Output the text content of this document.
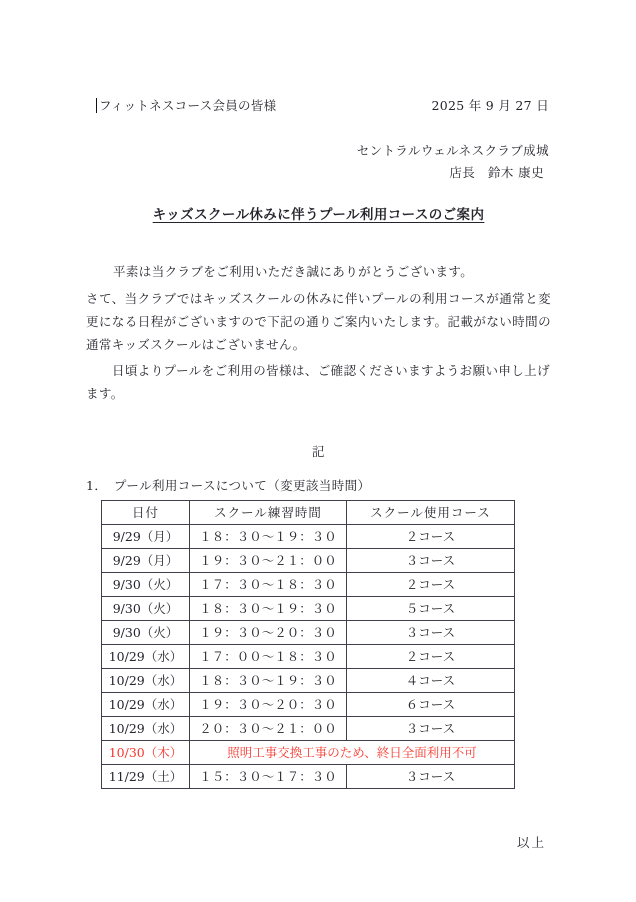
フィットネスコース会員の皆様	2025 年 9 月 27 日
セントラルウェルネスクラブ成城
店長　鈴木 康史
キッズスクール休みに伴うプール利用コースのご案内

平素は当クラブをご利用いただき誠にありがとうございます。

さて、当クラブではキッズスクールの休みに伴いプールの利用コースが通常と変更になる日程がございますので下記の通りご案内いたします。記載がない時間の通常キッズスクールはございません。

日頃よりプールをご利用の皆様は、ご確認くださいますようお願い申し上げます。

記
1．　プール利用コースについて（変更該当時間）
日付	スクール練習時間	スクール使用コース
9/29（月）	１８：３０～１９：３０	２コース
9/29（月）	１９：３０～２１：００	３コース
9/30（火）	１７：３０～１８：３０	２コース
9/30（火）	１８：３０～１９：３０	５コース
9/30（火）	１９：３０～２０：３０	３コース
10/29（水）	１７：００～１８：３０	２コース
10/29（水）	１８：３０～１９：３０	４コース
10/29（水）	１９：３０～２０：３０	６コース
10/29（水）	２０：３０～２１：００	３コース
10/30（木）	照明工事交換工事のため、終日全面利用不可	
11/29（土）	１５：３０～１７：３０	３コース
以上
